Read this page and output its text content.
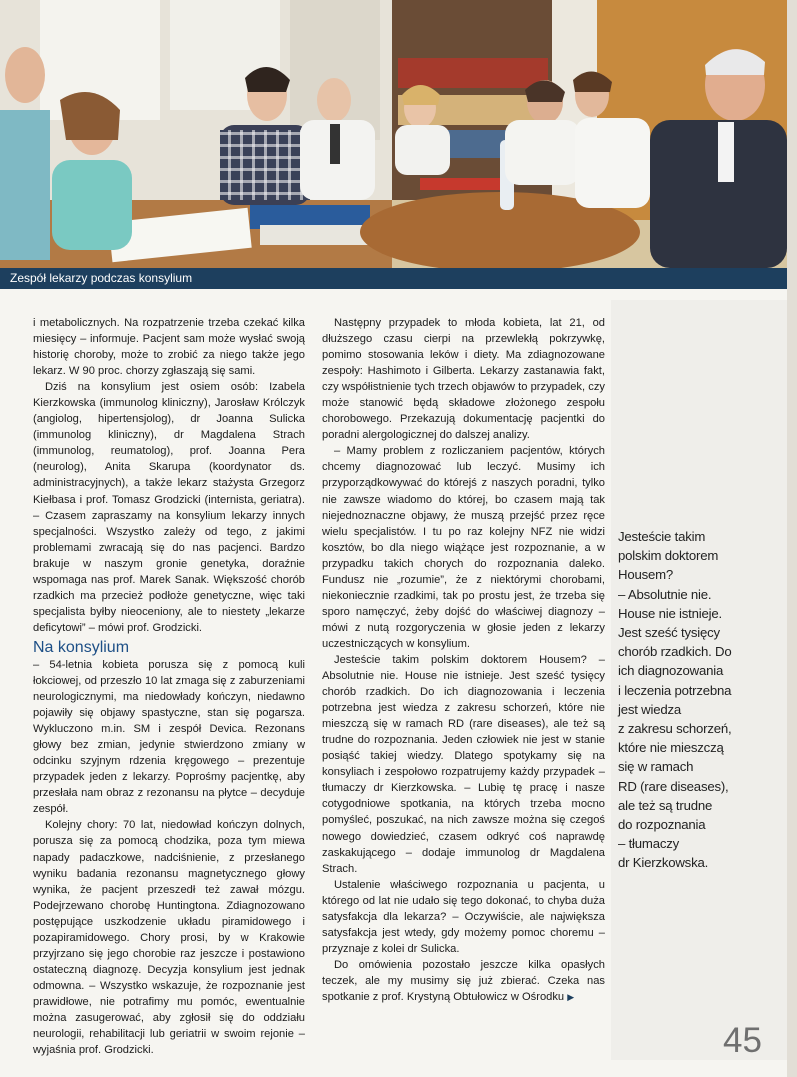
Zespół lekarzy podczas konsylium

i metabolicznych. Na rozpatrzenie trzeba czekać kilka miesięcy – informuje. Pacjent sam może wysłać swoją historię choroby, może to zrobić za niego także jego lekarz. W 90 proc. chorzy zgłaszają się sami.

Dziś na konsylium jest osiem osób: Izabela Kierzkowska (immunolog kliniczny), Jarosław Królczyk (angiolog, hipertensjolog), dr Joanna Sulicka (immunolog kliniczny), dr Magdalena Strach (immunolog, reumatolog), prof. Joanna Pera (neurolog), Anita Skarupa (koordynator ds. administracyjnych), a także lekarz stażysta Grzegorz Kiełbasa i prof. Tomasz Grodzicki (internista, geriatra). – Czasem zapraszamy na konsylium lekarzy innych specjalności. Wszystko zależy od tego, z jakimi problemami zwracają się do nas pacjenci. Bardzo brakuje w naszym gronie genetyka, doraźnie wspomaga nas prof. Marek Sanak. Większość chorób rzadkich ma przecież podłoże genetyczne, więc taki specjalista byłby nieoceniony, ale to niestety „lekarze deficytowi” – mówi prof. Grodzicki.

Na konsylium

– 54-letnia kobieta porusza się z pomocą kuli łokciowej, od przeszło 10 lat zmaga się z zaburzeniami neurologicznymi, ma niedowłady kończyn, niedawno pojawiły się objawy spastyczne, stan się pogarsza. Wykluczono m.in. SM i zespół Devica. Rezonans głowy bez zmian, jedynie stwierdzono zmiany w odcinku szyjnym rdzenia kręgowego – prezentuje przypadek jeden z lekarzy. Poprośmy pacjentkę, aby przesłała nam obraz z rezonansu na płytce – decyduje zespół.

Kolejny chory: 70 lat, niedowład kończyn dolnych, porusza się za pomocą chodzika, poza tym miewa napady padaczkowe, nadciśnienie, z przesłanego wyniku badania rezonansu magnetycznego głowy wynika, że pacjent przeszedł też zawał mózgu. Podejrzewano chorobę Huntingtona. Zdiagnozowano postępujące uszkodzenie układu piramidowego i pozapiramidowego. Chory prosi, by w Krakowie przyjrzano się jego chorobie raz jeszcze i postawiono ostateczną diagnozę. Decyzja konsylium jest jednak odmowna. – Wszystko wskazuje, że rozpoznanie jest prawidłowe, nie potrafimy mu pomóc, ewentualnie można zasugerować, aby zgłosił się do oddziału neurologii, rehabilitacji lub geriatrii w swoim rejonie – wyjaśnia prof. Grodzicki.

Następny przypadek to młoda kobieta, lat 21, od dłuższego czasu cierpi na przewlekłą pokrzywkę, pomimo stosowania leków i diety. Ma zdiagnozowane zespoły: Hashimoto i Gilberta. Lekarzy zastanawia fakt, czy współistnienie tych trzech objawów to przypadek, czy może stanowić będą składowe złożonego zespołu chorobowego. Przekazują dokumentację pacjentki do poradni alergologicznej do dalszej analizy.

– Mamy problem z rozliczaniem pacjentów, których chcemy diagnozować lub leczyć. Musimy ich przyporządkowywać do którejś z naszych poradni, tylko nie zawsze wiadomo do której, bo czasem mają tak niejednoznaczne objawy, że muszą przejść przez ręce wielu specjalistów. I tu po raz kolejny NFZ nie widzi kosztów, bo dla niego wiążące jest rozpoznanie, a w przypadku takich chorych do rozpoznania daleko. Fundusz nie „rozumie”, że z niektórymi chorobami, niekoniecznie rzadkimi, tak po prostu jest, że trzeba się sporo namęczyć, żeby dojść do właściwej diagnozy – mówi z nutą rozgoryczenia w głosie jeden z lekarzy uczestniczących w konsylium.

Jesteście takim polskim doktorem Housem? – Absolutnie nie. House nie istnieje. Jest sześć tysięcy chorób rzadkich. Do ich diagnozowania i leczenia potrzebna jest wiedza z zakresu schorzeń, które nie mieszczą się w ramach RD (rare diseases), ale też są trudne do rozpoznania. Jeden człowiek nie jest w stanie posiąść takiej wiedzy. Dlatego spotykamy się na konsyliach i zespołowo rozpatrujemy każdy przypadek – tłumaczy dr Kierzkowska. – Lubię tę pracę i nasze cotygodniowe spotkania, na których trzeba mocno pomyśleć, poszukać, na nich zawsze można się czegoś nowego dowiedzieć, czasem odkryć coś naprawdę zaskakującego – dodaje immunolog dr Magdalena Strach.

Ustalenie właściwego rozpoznania u pacjenta, u którego od lat nie udało się tego dokonać, to chyba duża satysfakcja dla lekarza? – Oczywiście, ale największa satysfakcja jest wtedy, gdy możemy pomoc choremu – przyznaje z kolei dr Sulicka.

Do omówienia pozostało jeszcze kilka opasłych teczek, ale my musimy się już zbierać. Czeka nas spotkanie z prof. Krystyną Obtułowicz w Ośrodku ▶

Jesteście takim
polskim doktorem
Housem?
– Absolutnie nie.
House nie istnieje.
Jest sześć tysięcy
chorób rzadkich. Do
ich diagnozowania
i leczenia potrzebna
jest wiedza
z zakresu schorzeń,
które nie mieszczą
się w ramach
RD (rare diseases),
ale też są trudne
do rozpoznania
– tłumaczy
dr Kierzkowska.
45
